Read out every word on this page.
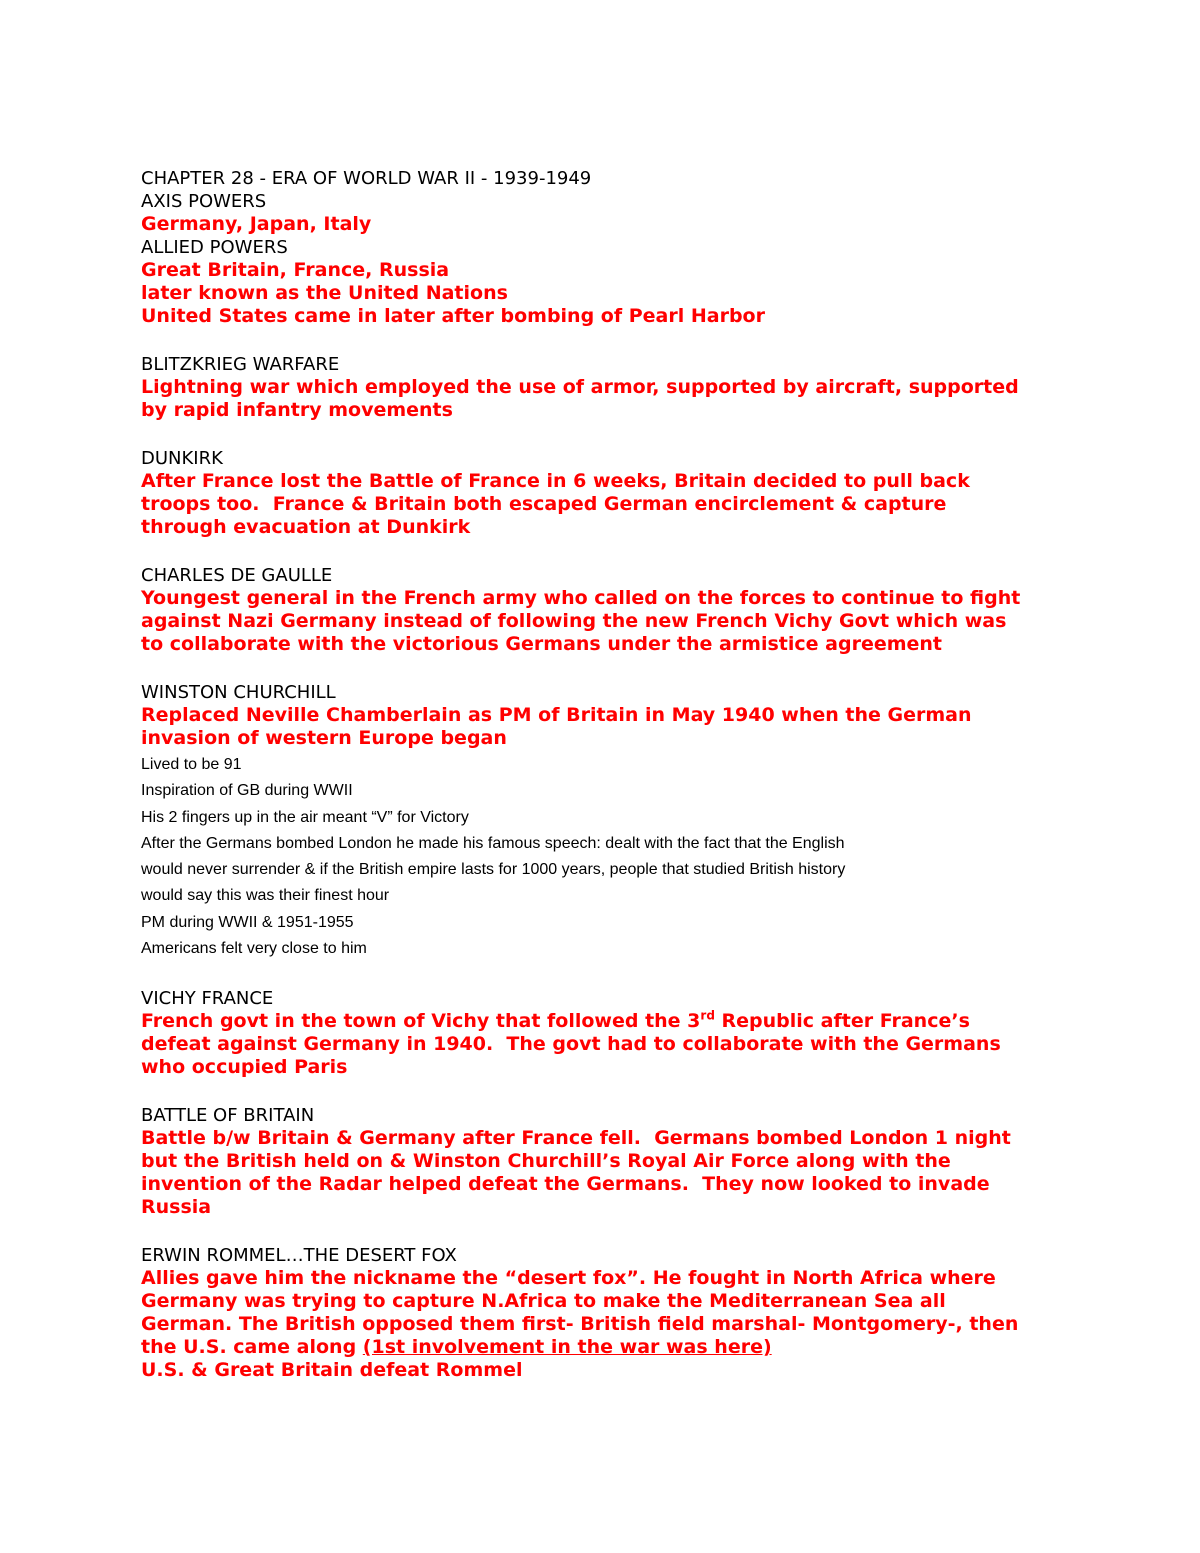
CHAPTER 28 - ERA OF WORLD WAR II - 1939-1949
AXIS POWERS
Germany, Japan, Italy
ALLIED POWERS
Great Britain, France, Russia
later known as the United Nations
United States came in later after bombing of Pearl Harbor
BLITZKRIEG WARFARE
Lightning war which employed the use of armor, supported by aircraft, supported
by rapid infantry movements
DUNKIRK
After France lost the Battle of France in 6 weeks, Britain decided to pull back
troops too.  France & Britain both escaped German encirclement & capture
through evacuation at Dunkirk
CHARLES DE GAULLE
Youngest general in the French army who called on the forces to continue to fight
against Nazi Germany instead of following the new French Vichy Govt which was
to collaborate with the victorious Germans under the armistice agreement
WINSTON CHURCHILL
Replaced Neville Chamberlain as PM of Britain in May 1940 when the German
invasion of western Europe began
Lived to be 91
Inspiration of GB during WWII
His 2 fingers up in the air meant “V” for Victory
After the Germans bombed London he made his famous speech: dealt with the fact that the English
would never surrender & if the British empire lasts for 1000 years, people that studied British history
would say this was their finest hour
PM during WWII & 1951-1955
Americans felt very close to him
VICHY FRANCE
French govt in the town of Vichy that followed the 3rd Republic after France’s
defeat against Germany in 1940.  The govt had to collaborate with the Germans
who occupied Paris
BATTLE OF BRITAIN
Battle b/w Britain & Germany after France fell.  Germans bombed London 1 night
but the British held on & Winston Churchill’s Royal Air Force along with the
invention of the Radar helped defeat the Germans.  They now looked to invade
Russia
ERWIN ROMMEL…THE DESERT FOX
Allies gave him the nickname the “desert fox”. He fought in North Africa where
Germany was trying to capture N.Africa to make the Mediterranean Sea all
German. The British opposed them first- British field marshal- Montgomery-, then
the U.S. came along (1st involvement in the war was here)
U.S. & Great Britain defeat Rommel
